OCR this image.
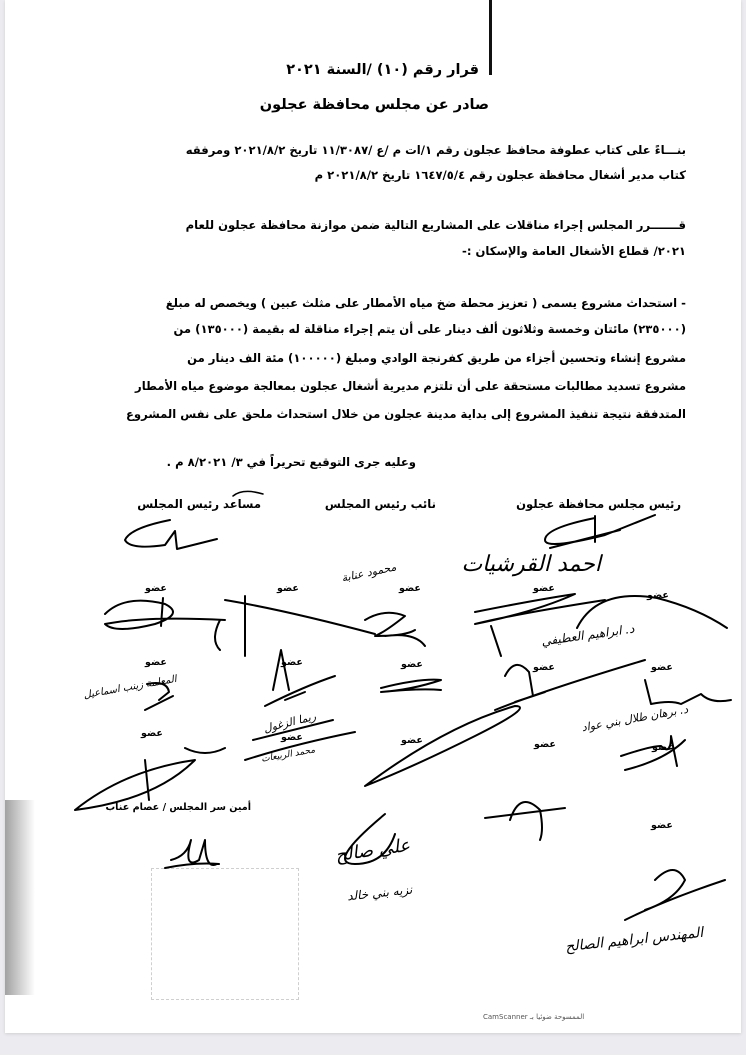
قرار رقم (١٠) /السنة ٢٠٢١
صادر عن مجلس محافظة عجلون
بنـــاءً على كتاب عطوفة محافظ عجلون رقم ١/ات م /ع /١١/٣٠٨٧ تاريخ ٢٠٢١/٨/٢ ومرفقه
كتاب مدير أشغال محافظة عجلون رقم ١٦٤٧/٥/٤ تاريخ ٢٠٢١/٨/٢ م
قـــــــرر المجلس إجراء مناقلات على المشاريع التالية ضمن موازنة محافظة عجلون للعام
٢٠٢١/ قطاع الأشغال العامة والإسكان :-
- استحداث مشروع يسمى ( تعزيز محطة ضخ مياه الأمطار على مثلث عبين ) ويخصص له مبلغ
(٢٣٥٠٠٠) مائتان وخمسة وثلاثون ألف دينار على أن يتم إجراء مناقلة له بقيمة (١٣٥٠٠٠) من
مشروع إنشاء وتحسين أجزاء من طريق كفرنجة الوادي ومبلغ (١٠٠٠٠٠) مئة الف دينار من
مشروع تسديد مطالبات مستحقة على أن تلتزم مديرية أشغال عجلون بمعالجة موضوع مياه الأمطار
المتدفقة نتيجة تنفيذ المشروع إلى بداية مدينة عجلون من خلال استحداث ملحق على نفس المشروع
وعليه جرى التوقيع تحريراً في ٣/ ٨/٢٠٢١ م .
رئيس مجلس محافظة عجلون
نائب رئيس المجلس
مساعد رئيس المجلس
عضو	عضو	عضو	عضو
عضو
عضو	عضو	عضو	عضو	عضو
عضو	عضو	عضو	عضو	عضو
عضو
أمين سر المجلس / عصام عناب
احمد القرشيات
محمود عنابة
د. ابراهيم العطيفي
د. برهان طلال بني عواد
ريما الزغول
المعلمة زينب اسماعيل
محمد الربيعات
علي صالح
نزيه بني خالد
المهندس ابراهيم الصالح
الممسوحة ضوئيا بـ CamScanner
